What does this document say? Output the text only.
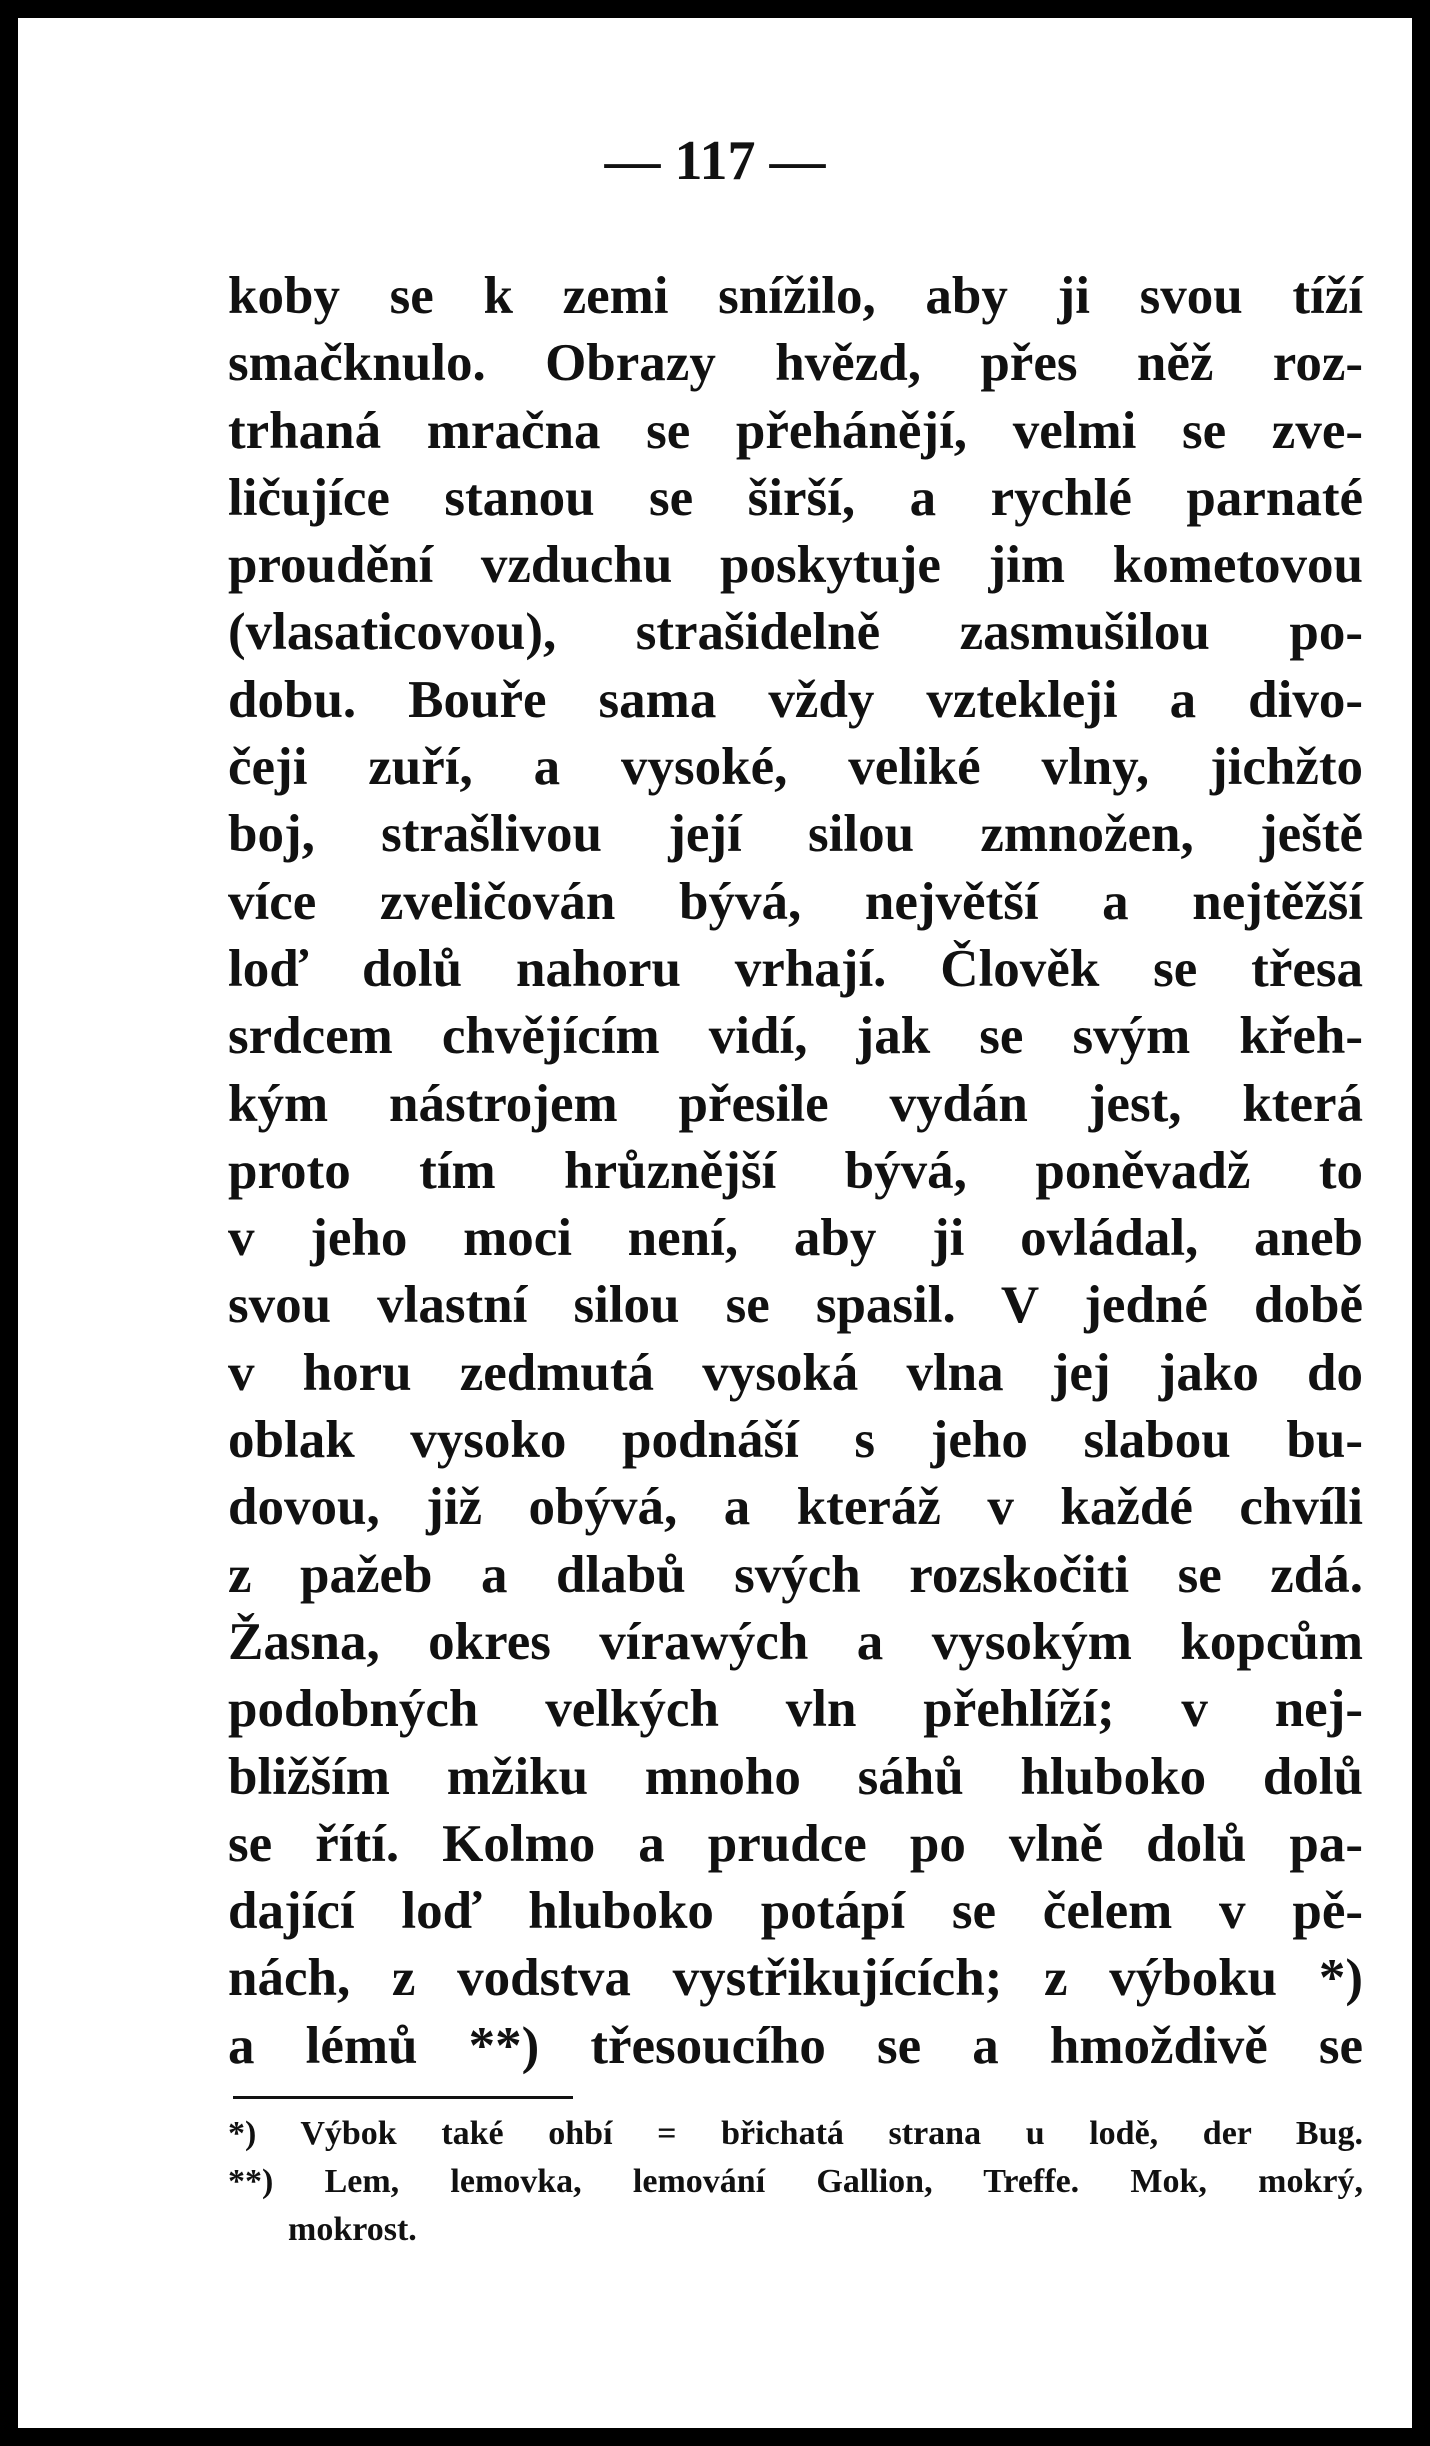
— 117 —
koby se k zemi snížilo, aby ji svou tíží
smačknulo. Obrazy hvězd, přes něž roz-
trhaná mračna se přehánějí, velmi se zve-
ličujíce stanou se širší, a rychlé parnaté
proudění vzduchu poskytuje jim kometovou
(vlasaticovou), strašidelně zasmušilou po-
dobu. Bouře sama vždy vztekleji a divo-
čeji zuří, a vysoké, veliké vlny, jichžto
boj, strašlivou její silou zmnožen, ještě
více zveličován bývá, největší a nejtěžší
loď dolů nahoru vrhají. Člověk se třesa
srdcem chvějícím vidí, jak se svým křeh-
kým nástrojem přesile vydán jest, která
proto tím hrůznější bývá, poněvadž to
v jeho moci není, aby ji ovládal, aneb
svou vlastní silou se spasil. V jedné době
v horu zedmutá vysoká vlna jej jako do
oblak vysoko podnáší s jeho slabou bu-
dovou, již obývá, a kteráž v každé chvíli
z pažeb a dlabů svých rozskočiti se zdá.
Žasna, okres vírawých a vysokým kopcům
podobných velkých vln přehlíží; v nej-
bližším mžiku mnoho sáhů hluboko dolů
se řítí. Kolmo a prudce po vlně dolů pa-
dající loď hluboko potápí se čelem v pě-
nách, z vodstva vystřikujících; z výboku *)
a lémů **) třesoucího se a hmoždivě se
*) Výbok také ohbí = břichatá strana u lodě, der Bug.
**) Lem, lemovka, lemování Gallion, Treffe. Mok, mokrý,
mokrost.
